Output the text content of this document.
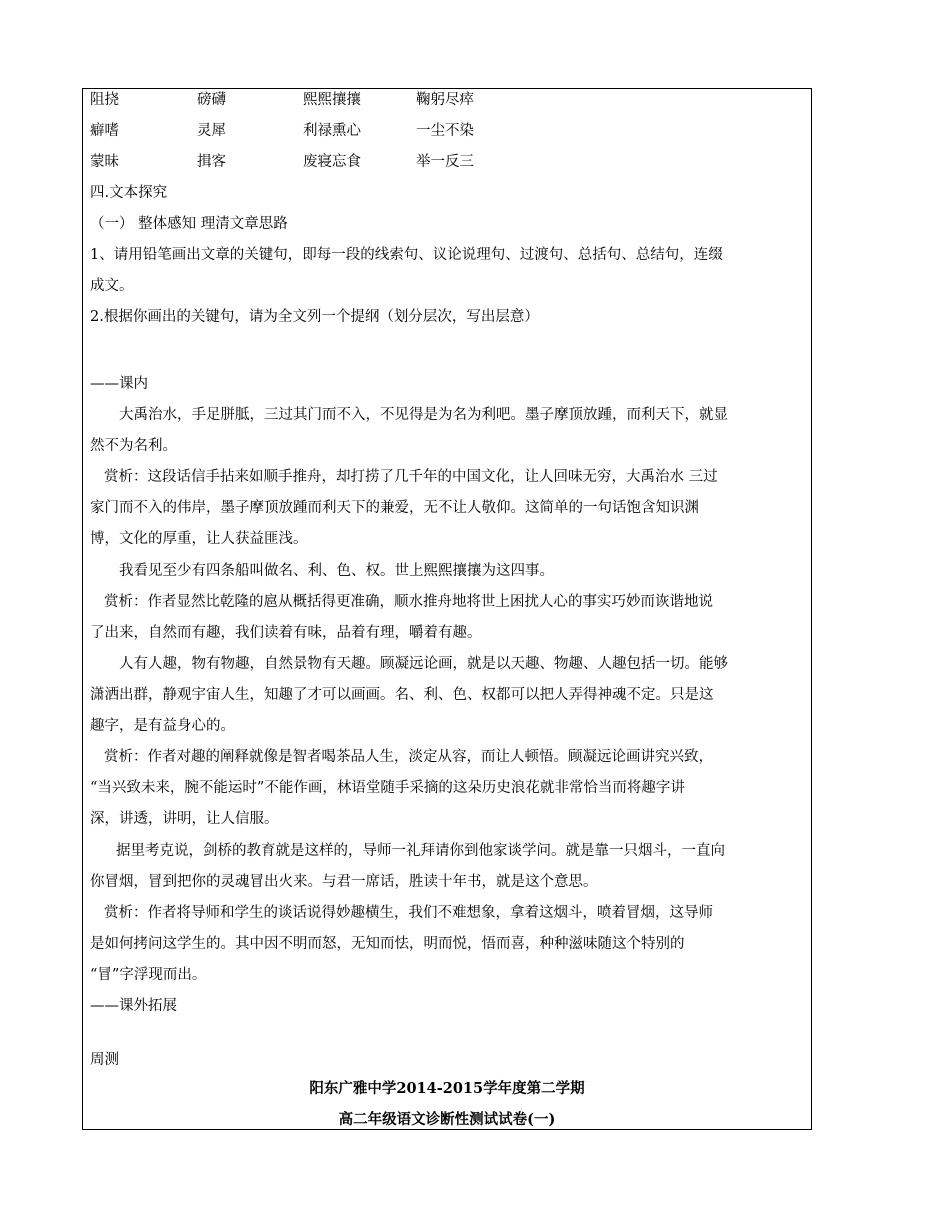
阻挠	磅礴	熙熙攘攘	鞠躬尽瘁
癖嗜	灵犀	利禄熏心	一尘不染
蒙昧	揖客	废寝忘食	举一反三
四.文本探究
（一） 整体感知 理清文章思路
1、请用铅笔画出文章的关键句，即每一段的线索句、议论说理句、过渡句、总括句、总结句，连缀
成文。
2.根据你画出的关键句，请为全文列一个提纲（划分层次，写出层意）
——课内
大禹治水，手足胼胝，三过其门而不入，不见得是为名为利吧。墨子摩顶放踵，而利天下，就显
然不为名利。
赏析：这段话信手拈来如顺手推舟，却打捞了几千年的中国文化，让人回味无穷，大禹治水 三过
家门而不入的伟岸，墨子摩顶放踵而利天下的兼爱，无不让人敬仰。这简单的一句话饱含知识渊
博，文化的厚重，让人获益匪浅。
我看见至少有四条船叫做名、利、色、权。世上熙熙攘攘为这四事。
赏析：作者显然比乾隆的扈从概括得更准确，顺水推舟地将世上困扰人心的事实巧妙而诙谐地说
了出来，自然而有趣，我们读着有味，品着有理，嚼着有趣。
人有人趣，物有物趣，自然景物有天趣。顾凝远论画，就是以天趣、物趣、人趣包括一切。能够
潇洒出群，静观宇宙人生，知趣了才可以画画。名、利、色、权都可以把人弄得神魂不定。只是这
趣字，是有益身心的。
赏析：作者对趣的阐释就像是智者喝茶品人生，淡定从容，而让人顿悟。顾凝远论画讲究兴致，
“当兴致未来，腕不能运时”不能作画，林语堂随手采摘的这朵历史浪花就非常恰当而将趣字讲
深，讲透，讲明，让人信服。
据里考克说，剑桥的教育就是这样的，导师一礼拜请你到他家谈学问。就是靠一只烟斗，一直向
你冒烟，冒到把你的灵魂冒出火来。与君一席话，胜读十年书，就是这个意思。
赏析：作者将导师和学生的谈话说得妙趣横生，我们不难想象，拿着这烟斗，喷着冒烟，这导师
是如何拷问这学生的。其中因不明而怒，无知而怯，明而悦，悟而喜，种种滋味随这个特别的
“冒”字浮现而出。
——课外拓展
周测
阳东广雅中学2014-2015学年度第二学期
高二年级语文诊断性测试试卷(一)
